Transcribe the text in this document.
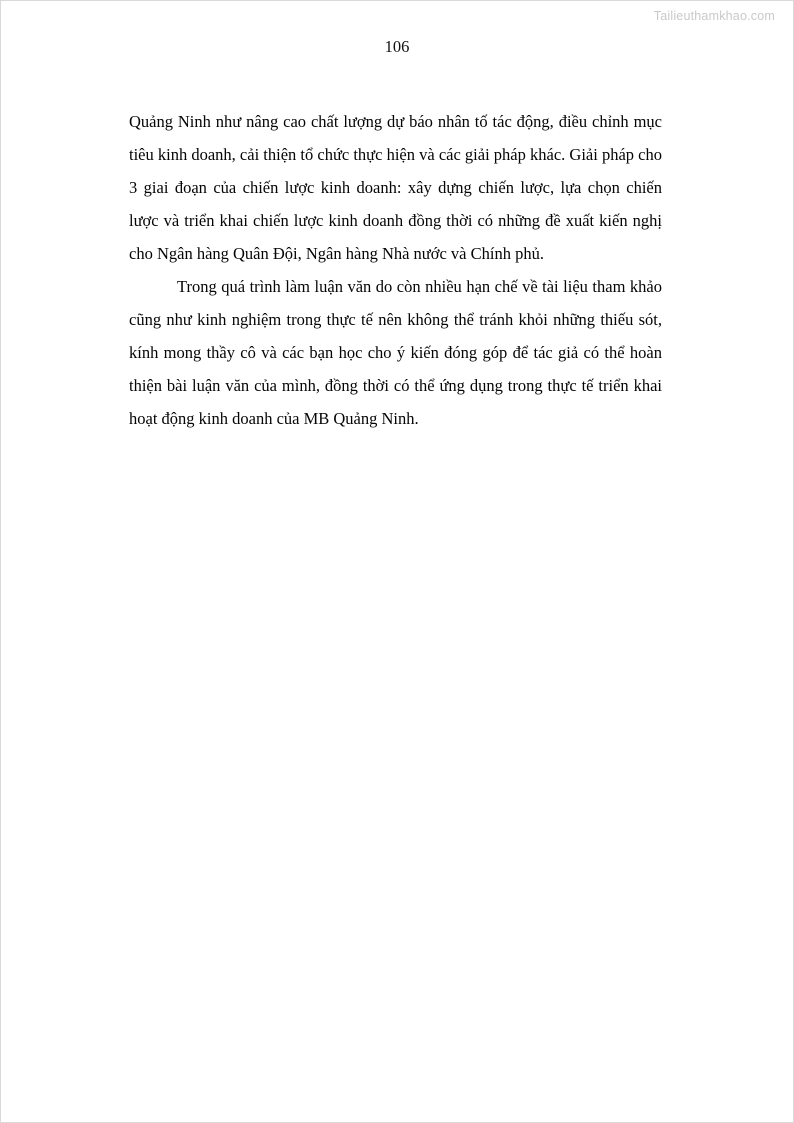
Tailieuthamkhao.com
106

Quảng Ninh như nâng cao chất lượng dự báo nhân tố tác động, điều chỉnh mục tiêu kinh doanh, cải thiện tổ chức thực hiện và các giải pháp khác. Giải pháp cho 3 giai đoạn của chiến lược kinh doanh: xây dựng chiến lược, lựa chọn chiến lược và triển khai chiến lược kinh doanh đồng thời có những đề xuất kiến nghị cho Ngân hàng Quân Đội, Ngân hàng Nhà nước và Chính phủ.

Trong quá trình làm luận văn do còn nhiều hạn chế về tài liệu tham khảo cũng như kinh nghiệm trong thực tế nên không thể tránh khỏi những thiếu sót, kính mong thầy cô và các bạn học cho ý kiến đóng góp để tác giả có thể hoàn thiện bài luận văn của mình, đồng thời có thể ứng dụng trong thực tế triển khai hoạt động kinh doanh của MB Quảng Ninh.
